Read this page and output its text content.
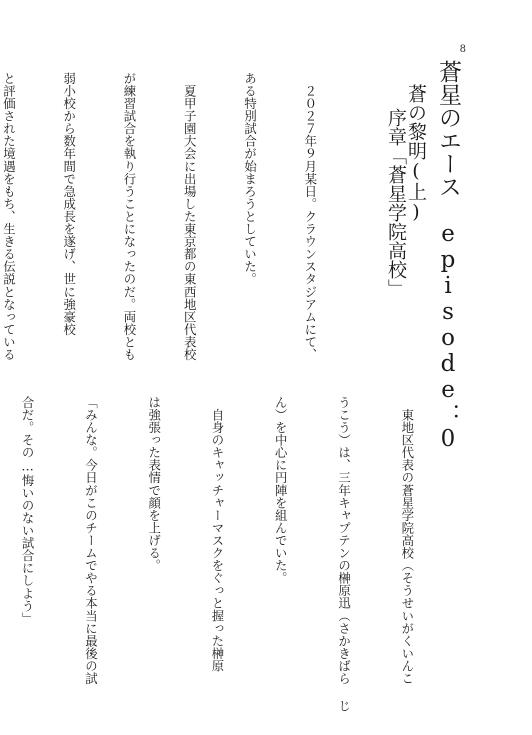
8
蒼星のエース　episode：0
蒼の黎明(上)
序章「蒼星学院高校」

　２０２７年９月某日。クラウンスタジアムにて、

ある特別試合が始まろうとしていた。

　夏甲子園大会に出場した東京都の東西地区代表校

が練習試合を執り行うことになったのだ。両校とも

弱小校から数年間で急成長を遂げ、世に強豪校

と評価された境遇をもち、生きる伝説となっている

　東地区代表の蒼星学院高校（そうせいがくいんこ

うこう）は、三年キャプテンの榊原迅（さかきばら じ

ん）を中心に円陣を組んでいた。

　自身のキャッチャーマスクをぐっと握った榊原

は強張った表情で顔を上げる。

「みんな。今日がこのチームでやる本当に最後の試

合だ。その…悔いのない試合にしよう」
